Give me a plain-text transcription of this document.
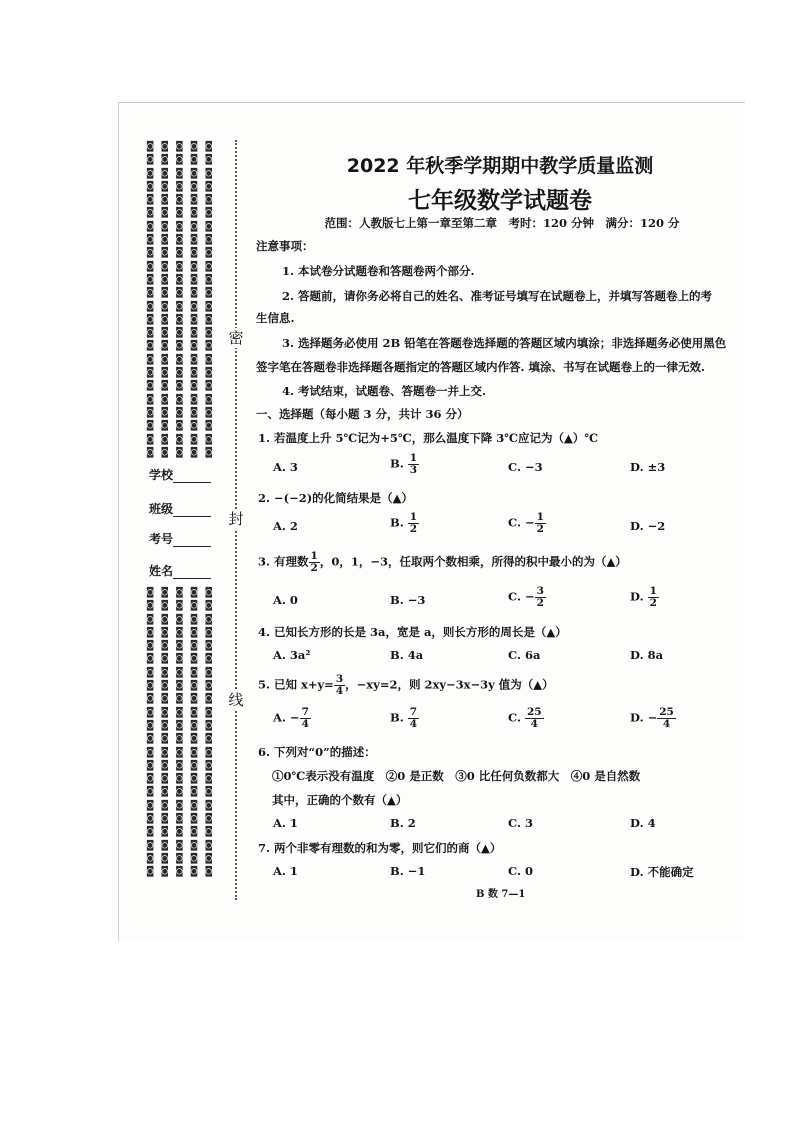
◙ ◙ ◙ ◙ ◙
◙ ◙ ◙ ◙ ◙
◙ ◙ ◙ ◙ ◙
◙ ◙ ◙ ◙ ◙
◙ ◙ ◙ ◙ ◙
◙ ◙ ◙ ◙ ◙
◙ ◙ ◙ ◙ ◙
◙ ◙ ◙ ◙ ◙
◙ ◙ ◙ ◙ ◙
◙ ◙ ◙ ◙ ◙
◙ ◙ ◙ ◙ ◙
◙ ◙ ◙ ◙ ◙
◙ ◙ ◙ ◙ ◙
◙ ◙ ◙ ◙ ◙
◙ ◙ ◙ ◙ ◙
◙ ◙ ◙ ◙ ◙
◙ ◙ ◙ ◙ ◙
◙ ◙ ◙ ◙ ◙
◙ ◙ ◙ ◙ ◙
◙ ◙ ◙ ◙ ◙
◙ ◙ ◙ ◙ ◙
◙ ◙ ◙ ◙ ◙
◙ ◙ ◙ ◙ ◙
◙ ◙ ◙ ◙ ◙
◙ ◙ ◙ ◙ ◙
◙ ◙ ◙ ◙ ◙
◙ ◙ ◙ ◙ ◙
◙ ◙ ◙ ◙ ◙
◙ ◙ ◙ ◙ ◙
◙ ◙ ◙ ◙ ◙
◙ ◙ ◙ ◙ ◙
◙ ◙ ◙ ◙ ◙
◙ ◙ ◙ ◙ ◙
◙ ◙ ◙ ◙ ◙
◙ ◙ ◙ ◙ ◙
◙ ◙ ◙ ◙ ◙
◙ ◙ ◙ ◙ ◙
◙ ◙ ◙ ◙ ◙
◙ ◙ ◙ ◙ ◙
◙ ◙ ◙ ◙ ◙
◙ ◙ ◙ ◙ ◙
◙ ◙ ◙ ◙ ◙
◙ ◙ ◙ ◙ ◙
◙ ◙ ◙ ◙ ◙
◙ ◙ ◙ ◙ ◙
◙ ◙ ◙ ◙ ◙
密
封
线
学校
班级
考号
姓名
2022 年秋季学期期中教学质量监测
七年级数学试题卷
范围：人教版七上第一章至第二章　考时：120 分钟　满分：120 分
注意事项：
1. 本试卷分试题卷和答题卷两个部分.
2. 答题前，请你务必将自己的姓名、准考证号填写在试题卷上，并填写答题卷上的考
生信息.
3. 选择题务必使用 2B 铅笔在答题卷选择题的答题区域内填涂；非选择题务必使用黑色
签字笔在答题卷非选择题各题指定的答题区域内作答. 填涂、书写在试题卷上的一律无效.
4. 考试结束，试题卷、答题卷一并上交.
一、选择题（每小题 3 分，共计 36 分）
1. 若温度上升 5℃记为+5℃，那么温度下降 3℃应记为（▲）℃
A. 3	B. $\frac{1}{3}$	C. −3	D. ±3
2. −(−2)的化简结果是（▲）
A. 2	B. $\frac{1}{2}$	C. − $\frac{1}{2}$	D. −2
3. 有理数 $\frac{1}{2}$ ，0，1，−3，任取两个数相乘，所得的积中最小的为（▲）
A. 0	B. −3	C. − $\frac{3}{2}$	D. $\frac{1}{2}$
4. 已知长方形的长是 3a，宽是 a，则长方形的周长是（▲）
A. 3a²	B. 4a	C. 6a	D. 8a
5. 已知 $x+y= \frac{3}{4}$ ，−xy=2，则 2xy−3x−3y 值为（▲）
A. − $\frac{7}{4}$	B. $\frac{7}{4}$	C. $\frac{25}{4}$	D. − $\frac{25}{4}$
6. 下列对“0”的描述：
①0℃表示没有温度　②0 是正数　③0 比任何负数都大　④0 是自然数
其中，正确的个数有（▲）
A. 1	B. 2	C. 3	D. 4
7. 两个非零有理数的和为零，则它们的商（▲）
A. 1	B. −1	C. 0	D. 不能确定
B 数 7—1
